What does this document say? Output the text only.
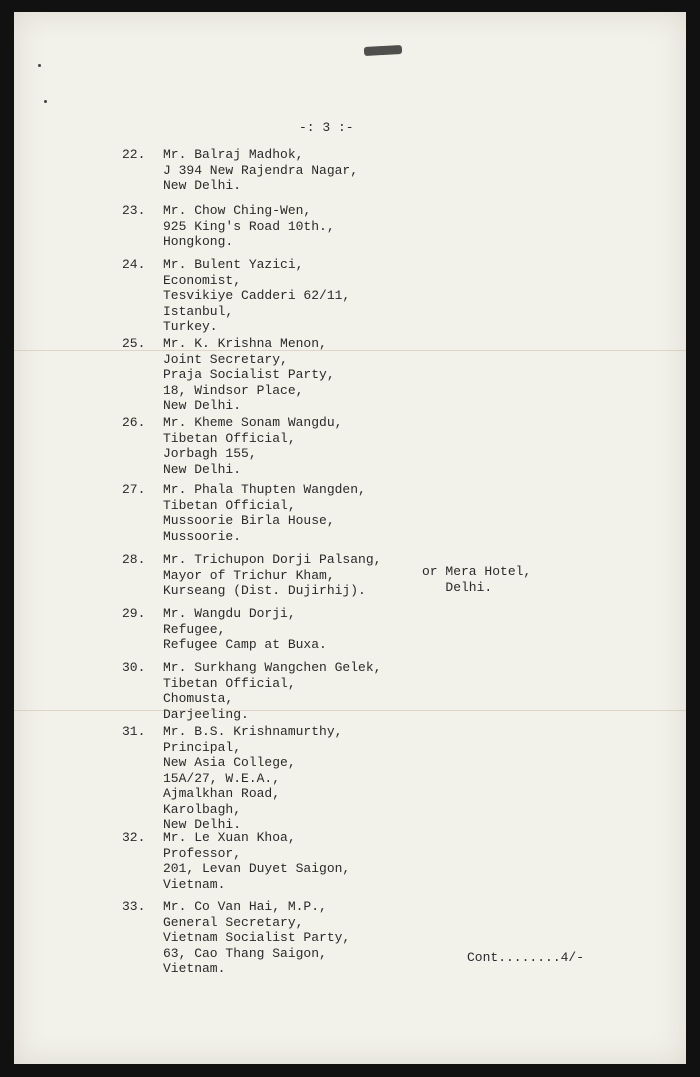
-: 3 :-
22. Mr. Balraj Madhok,
J 394 New Rajendra Nagar,
New Delhi.
23. Mr. Chow Ching-Wen,
925 King's Road 10th.,
Hongkong.
24. Mr. Bulent Yazici,
Economist,
Tesvikiye Cadderi 62/11,
Istanbul,
Turkey.
25. Mr. K. Krishna Menon,
Joint Secretary,
Praja Socialist Party,
18, Windsor Place,
New Delhi.
26. Mr. Kheme Sonam Wangdu,
Tibetan Official,
Jorbagh 155,
New Delhi.
27. Mr. Phala Thupten Wangden,
Tibetan Official,
Mussoorie Birla House,
Mussoorie.
28. Mr. Trichupon Dorji Palsang,
Mayor of Trichur Kham,
Kurseang (Dist. Dujirhij).
or Mera Hotel,
Delhi.
29. Mr. Wangdu Dorji,
Refugee,
Refugee Camp at Buxa.
30. Mr. Surkhang Wangchen Gelek,
Tibetan Official,
Chomusta,
Darjeeling.
31. Mr. B.S. Krishnamurthy,
Principal,
New Asia College,
15A/27, W.E.A.,
Ajmalkhan Road,
Karolbagh,
New Delhi.
32. Mr. Le Xuan Khoa,
Professor,
201, Levan Duyet Saigon,
Vietnam.
33. Mr. Co Van Hai, M.P.,
General Secretary,
Vietnam Socialist Party,
63, Cao Thang Saigon,
Vietnam.
Cont........4/-
